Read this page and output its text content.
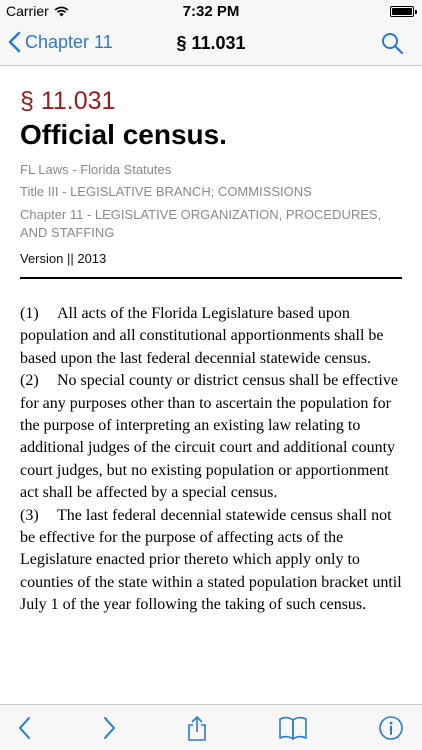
Carrier	7:32 PM
Chapter 11	§ 11.031
§ 11.031
Official census.
FL Laws - Florida Statutes
Title III - LEGISLATIVE BRANCH; COMMISSIONS
Chapter 11 - LEGISLATIVE ORGANIZATION, PROCEDURES, AND STAFFING
Version || 2013
(1) All acts of the Florida Legislature based upon population and all constitutional apportionments shall be based upon the last federal decennial statewide census.
(2) No special county or district census shall be effective for any purposes other than to ascertain the population for the purpose of interpreting an existing law relating to additional judges of the circuit court and additional county court judges, but no existing population or apportionment act shall be affected by a special census.
(3) The last federal decennial statewide census shall not be effective for the purpose of affecting acts of the Legislature enacted prior thereto which apply only to counties of the state within a stated population bracket until July 1 of the year following the taking of such census.
